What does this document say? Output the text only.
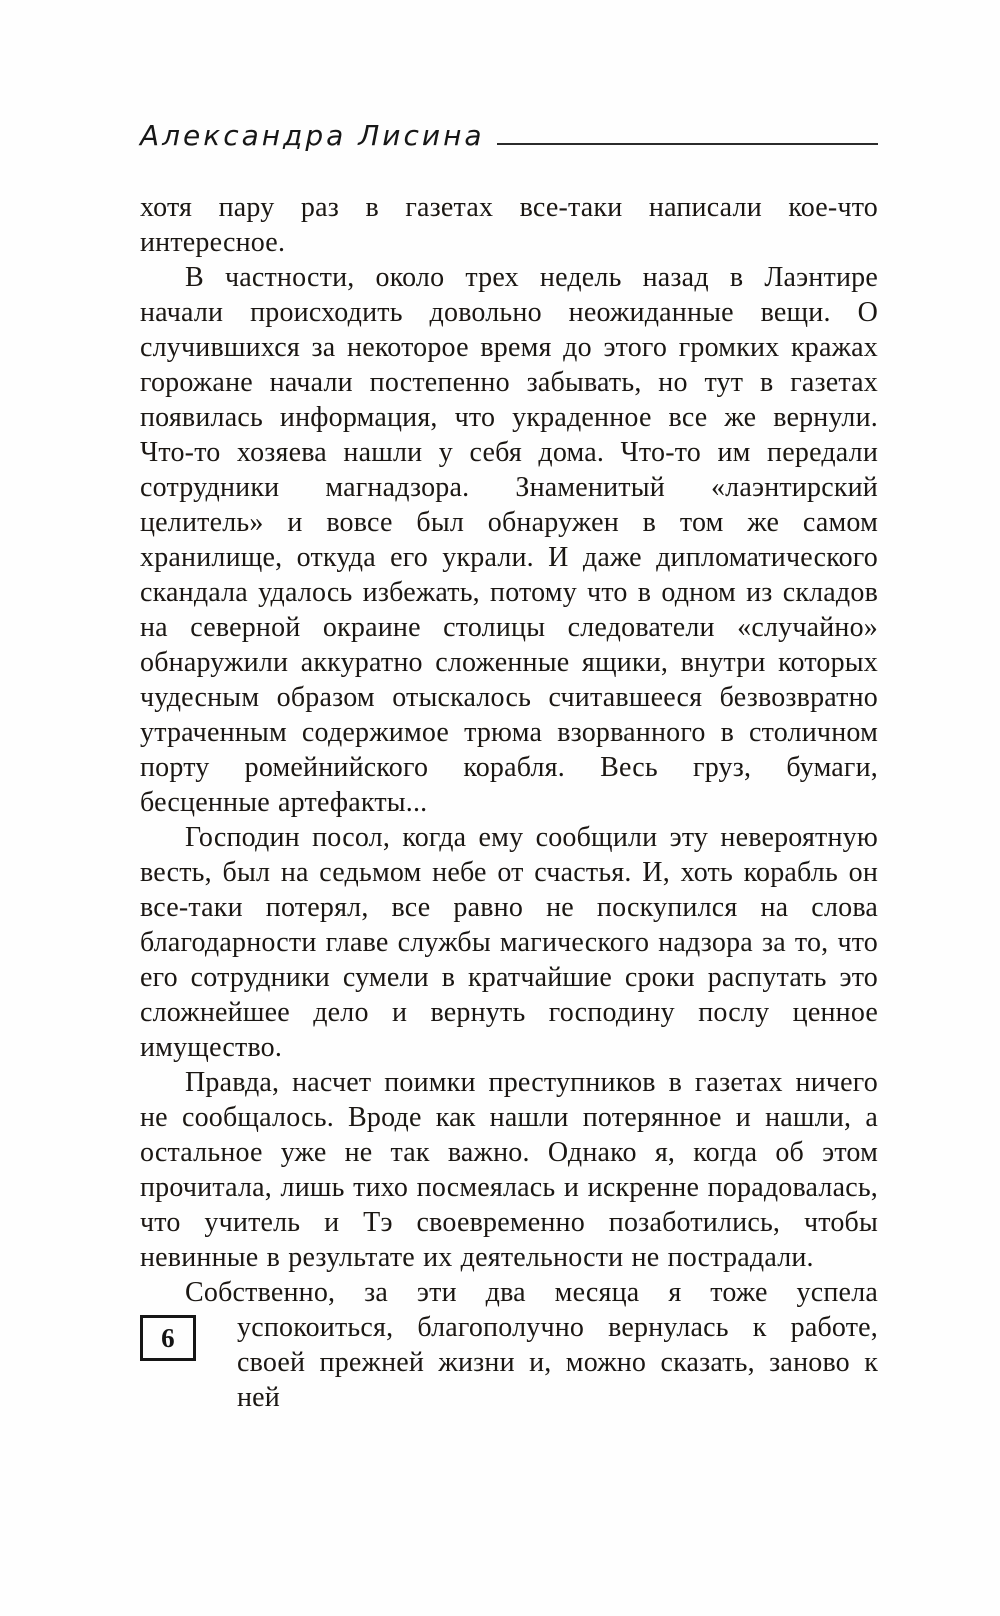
Александра Лисина

хотя пару раз в газетах все-таки написали кое-что интересное.

В частности, около трех недель назад в Лаэнтире начали происходить довольно неожиданные вещи. О случившихся за некоторое время до этого громких кражах горожане начали постепенно забывать, но тут в газетах появилась информация, что украденное все же вернули. Что-то хозяева нашли у себя дома. Что-то им передали сотрудники магнадзора. Знаменитый «лаэнтирский целитель» и вовсе был обнаружен в том же самом хранилище, откуда его украли. И даже дипломатического скандала удалось избежать, потому что в одном из складов на северной окраине столицы следователи «случайно» обнаружили аккуратно сложенные ящики, внутри которых чудесным образом отыскалось считавшееся безвозвратно утраченным содержимое трюма взорванного в столичном порту ромейнийского корабля. Весь груз, бумаги, бесценные артефакты...

Господин посол, когда ему сообщили эту невероятную весть, был на седьмом небе от счастья. И, хоть корабль он все-таки потерял, все равно не поскупился на слова благодарности главе службы магического надзора за то, что его сотрудники сумели в кратчайшие сроки распутать это сложнейшее дело и вернуть господину послу ценное имущество.

Правда, насчет поимки преступников в газетах ничего не сообщалось. Вроде как нашли потерянное и нашли, а остальное уже не так важно. Однако я, когда об этом прочитала, лишь тихо посмеялась и искренне порадовалась, что учитель и Тэ своевременно позаботились, чтобы невинные в результате их деятельности не пострадали.

Собственно, за эти два месяца я тоже успела успокоиться, благополучно вернулась к работе, своей прежней жизни и, можно сказать, заново к ней

6
